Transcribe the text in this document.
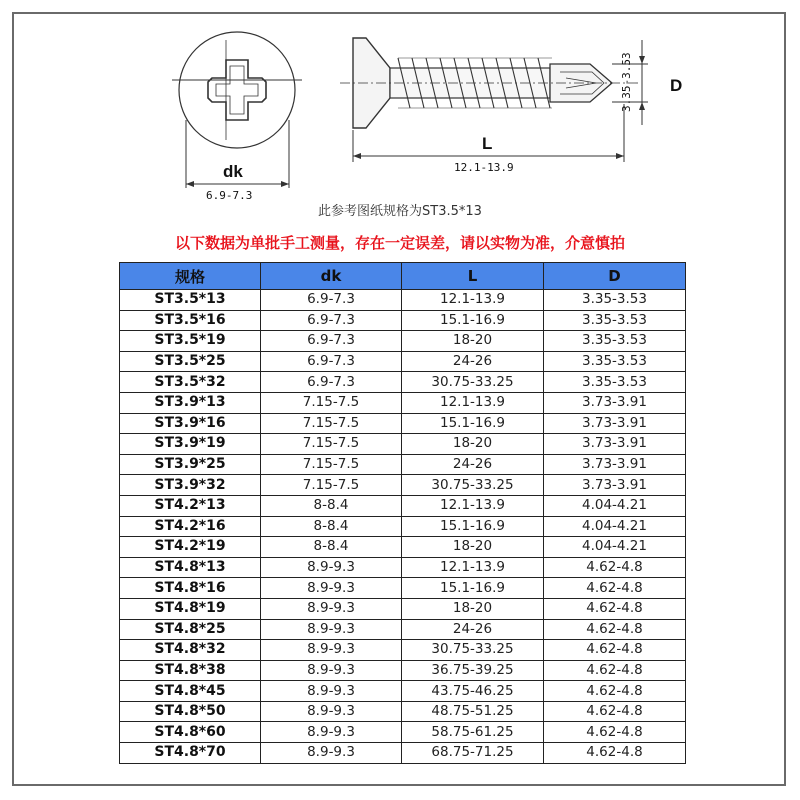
dk
6.9-7.3
L
12.1-13.9
D
3.35-3.53
此参考图纸规格为ST3.5*13
以下数据为单批手工测量，存在一定误差，请以实物为准，介意慎拍
规格	dk	L	D
ST3.5*13	6.9-7.3	12.1-13.9	3.35-3.53
ST3.5*16	6.9-7.3	15.1-16.9	3.35-3.53
ST3.5*19	6.9-7.3	18-20	3.35-3.53
ST3.5*25	6.9-7.3	24-26	3.35-3.53
ST3.5*32	6.9-7.3	30.75-33.25	3.35-3.53
ST3.9*13	7.15-7.5	12.1-13.9	3.73-3.91
ST3.9*16	7.15-7.5	15.1-16.9	3.73-3.91
ST3.9*19	7.15-7.5	18-20	3.73-3.91
ST3.9*25	7.15-7.5	24-26	3.73-3.91
ST3.9*32	7.15-7.5	30.75-33.25	3.73-3.91
ST4.2*13	8-8.4	12.1-13.9	4.04-4.21
ST4.2*16	8-8.4	15.1-16.9	4.04-4.21
ST4.2*19	8-8.4	18-20	4.04-4.21
ST4.8*13	8.9-9.3	12.1-13.9	4.62-4.8
ST4.8*16	8.9-9.3	15.1-16.9	4.62-4.8
ST4.8*19	8.9-9.3	18-20	4.62-4.8
ST4.8*25	8.9-9.3	24-26	4.62-4.8
ST4.8*32	8.9-9.3	30.75-33.25	4.62-4.8
ST4.8*38	8.9-9.3	36.75-39.25	4.62-4.8
ST4.8*45	8.9-9.3	43.75-46.25	4.62-4.8
ST4.8*50	8.9-9.3	48.75-51.25	4.62-4.8
ST4.8*60	8.9-9.3	58.75-61.25	4.62-4.8
ST4.8*70	8.9-9.3	68.75-71.25	4.62-4.8
